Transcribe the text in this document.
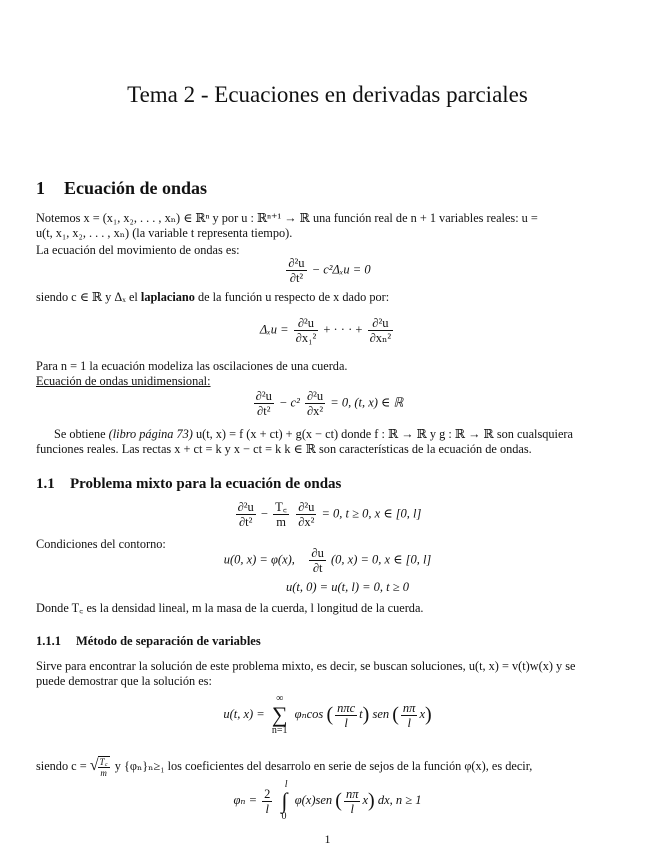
Tema 2 - Ecuaciones en derivadas parciales
1 Ecuación de ondas
Notemos x = (x₁, x₂, . . . , xₙ) ∈ ℝⁿ y por u : ℝⁿ⁺¹ → ℝ una función real de n + 1 variables reales: u =
u(t, x₁, x₂, . . . , xₙ) (la variable t representa tiempo).
La ecuación del movimiento de ondas es:
$\frac{\text{∂²u}}{\text{∂t²}} - c^2\Delta_xu = 0$
siendo c ∈ ℝ y Δₓ el laplaciano de la función u respecto de x dado por:
$\Delta_xu = \frac{\text{∂²u}}{\text{∂x₁²}}$ + · · · + $\frac{\text{∂²u}}{\text{∂xₙ²}}$
Para n = 1 la ecuación modeliza las oscilaciones de una cuerda.
Ecuación de ondas unidimensional:
$\frac{\text{∂²u}}{\text{∂t²}} - c^2 \frac{\text{∂²u}}{\text{∂x²}} = 0$, (t, x) ∈ ℝ
Se obtiene (libro página 73) u(t, x) = f (x + ct) + g(x − ct) donde f : ℝ → ℝ y g : ℝ → ℝ son cualsquiera
funciones reales. Las rectas x + ct = k y x − ct = k k ∈ ℝ son características de la ecuación de ondas.
1.1 Problema mixto para la ecuación de ondas
$\frac{\text{∂²u}}{\text{∂t²}} - \frac{T꜀}{m}$
$\frac{\text{∂²u}}{\text{∂x²}} = 0$, t ≥ 0, x ∈ [0, l]
Condiciones del contorno:
u(0, x) = φ(x), $\frac{\partial u}{\partial t} (0$, x) = 0, x ∈ [0, l]
u(t, 0) = u(t, l) = 0, t ≥ 0
Donde T꜀ es la densidad lineal, m la masa de la cuerda, l longitud de la cuerda.
1.1.1 Método de separación de variables
Sirve para encontrar la solución de este problema mixto, es decir, se buscan soluciones, u(t, x) = v(t)w(x) y se
puede demostrar que la solución es:
u(t, x) =
∞
∑
n=1
φₙcos ( $\frac{\text{nπc}}{l} t$) sen ( $\frac{n\pi}{l} x$)
siendo c = √ $\frac{T꜀}{m}$ y {φₙ}ₙ≥₁ los coeficientes del desarrolo en serie de sejos de la función φ(x), es decir,
$\varphi_n = \frac{2}{l}$

l
∫
0
φ(x)sen ( $\frac{n\pi}{l} x$) dx, n ≥ 1
1
